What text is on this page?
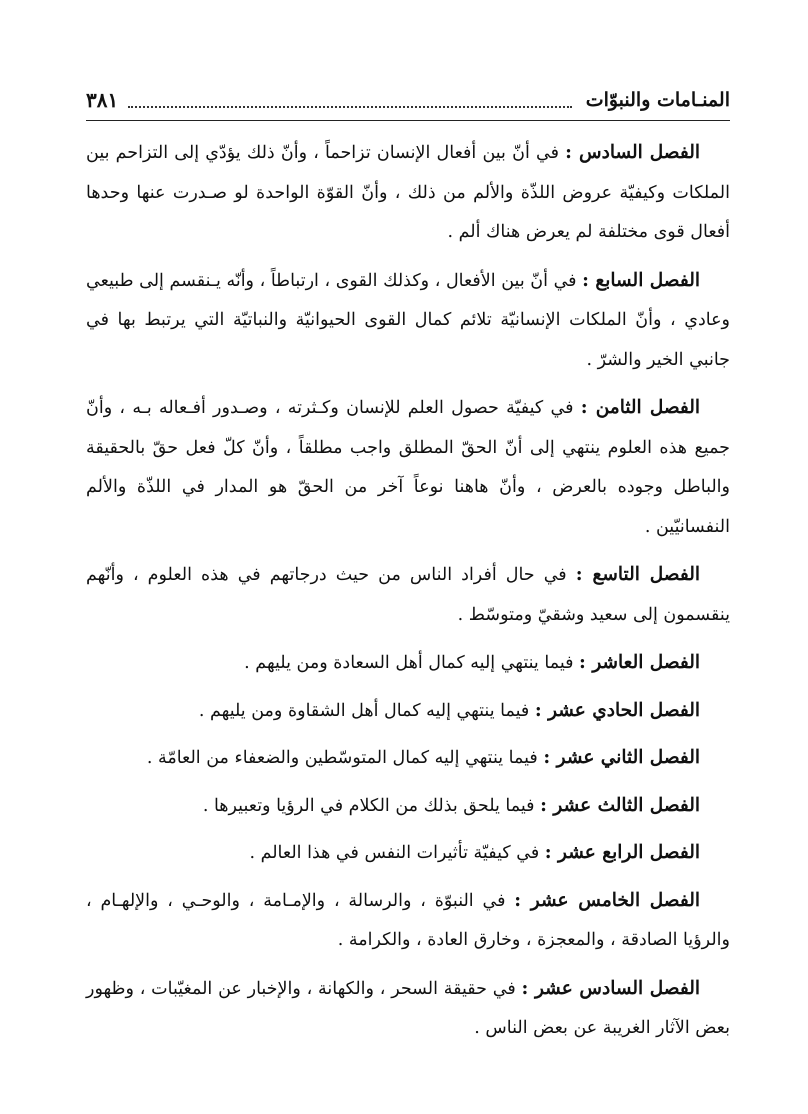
المنـامات والنبوّات
٣٨١

الفصل السادس : في أنّ بين أفعال الإنسان تزاحماً ، وأنّ ذلك يؤدّي إلى التزاحم بين الملكات وكيفيّة عروض اللذّة والألم من ذلك ، وأنّ القوّة الواحدة لو صـدرت عنها وحدها أفعال قوى مختلفة لم يعرض هناك ألم .

الفصل السابع : في أنّ بين الأفعال ، وكذلك القوى ، ارتباطاً ، وأنّه يـنقسم إلى طبيعي وعادي ، وأنّ الملكات الإنسانيّة تلائم كمال القوى الحيوانيّة والنباتيّة التي يرتبط بها في جانبي الخير والشرّ .

الفصل الثامن : في كيفيّة حصول العلم للإنسان وكـثرته ، وصـدور أفـعاله بـه ، وأنّ جميع هذه العلوم ينتهي إلى أنّ الحقّ المطلق واجب مطلقاً ، وأنّ كلّ فعل حقّ بالحقيقة والباطل وجوده بالعرض ، وأنّ هاهنا نوعاً آخر من الحقّ هو المدار في اللذّة والألم النفسانيّين .

الفصل التاسع : في حال أفراد الناس من حيث درجاتهم في هذه العلوم ، وأنّهم ينقسمون إلى سعيد وشقيّ ومتوسّط .

الفصل العاشر : فيما ينتهي إليه كمال أهل السعادة ومن يليهم .

الفصل الحادي عشر : فيما ينتهي إليه كمال أهل الشقاوة ومن يليهم .

الفصل الثاني عشر : فيما ينتهي إليه كمال المتوسّطين والضعفاء من العامّة .

الفصل الثالث عشر : فيما يلحق بذلك من الكلام في الرؤيا وتعبيرها .

الفصل الرابع عشر : في كيفيّة تأثيرات النفس في هذا العالم .

الفصل الخامس عشر : في النبوّة ، والرسالة ، والإمـامة ، والوحـي ، والإلهـام ، والرؤيا الصادقة ، والمعجزة ، وخارق العادة ، والكرامة .

الفصل السادس عشر : في حقيقة السحر ، والكهانة ، والإخبار عن المغيّبات ، وظهور بعض الآثار الغريبة عن بعض الناس .
